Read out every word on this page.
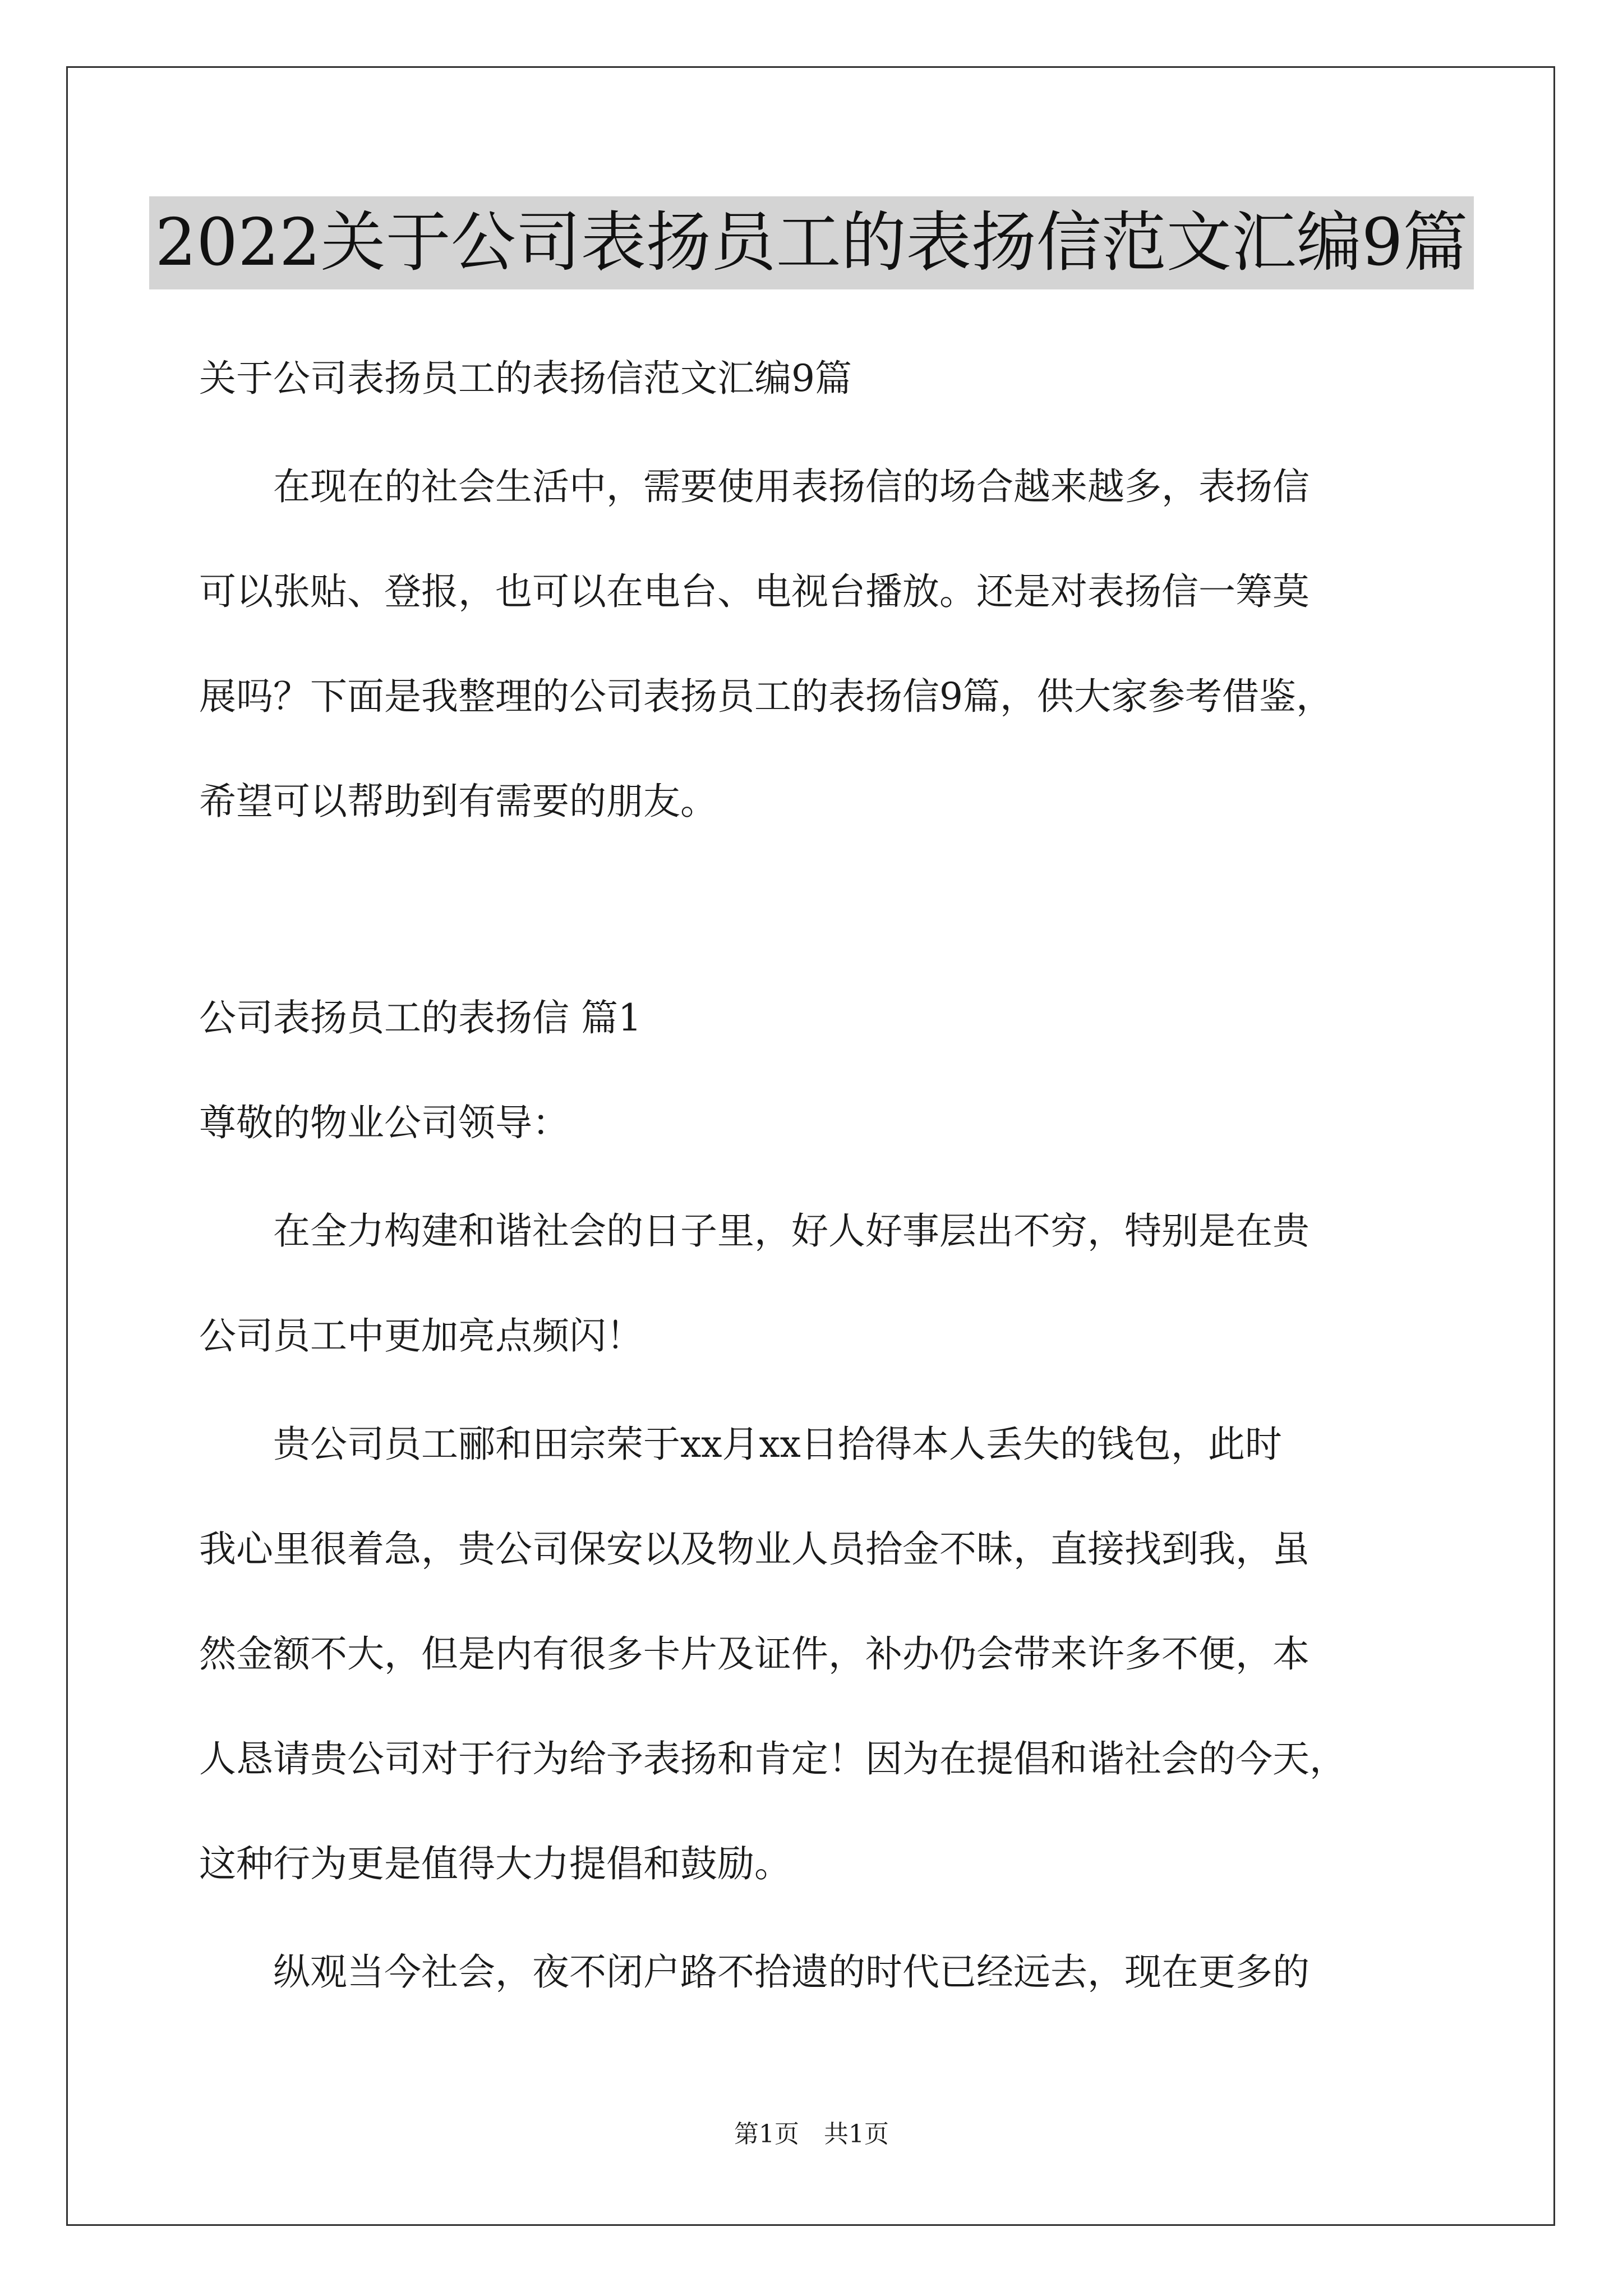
2022关于公司表扬员工的表扬信范文汇编9篇
关于公司表扬员工的表扬信范文汇编9篇
　　在现在的社会生活中，需要使用表扬信的场合越来越多，表扬信
可以张贴、登报，也可以在电台、电视台播放。还是对表扬信一筹莫
展吗？下面是我整理的公司表扬员工的表扬信9篇，供大家参考借鉴，
希望可以帮助到有需要的朋友。
公司表扬员工的表扬信 篇1
尊敬的物业公司领导：
　　在全力构建和谐社会的日子里，好人好事层出不穷，特别是在贵
公司员工中更加亮点频闪！
　　贵公司员工郦和田宗荣于xx月xx日拾得本人丢失的钱包，此时
我心里很着急，贵公司保安以及物业人员拾金不昧，直接找到我，虽
然金额不大，但是内有很多卡片及证件，补办仍会带来许多不便，本
人恳请贵公司对于行为给予表扬和肯定！因为在提倡和谐社会的今天，
这种行为更是值得大力提倡和鼓励。
　　纵观当今社会，夜不闭户路不拾遗的时代已经远去，现在更多的
第1页　共1页
